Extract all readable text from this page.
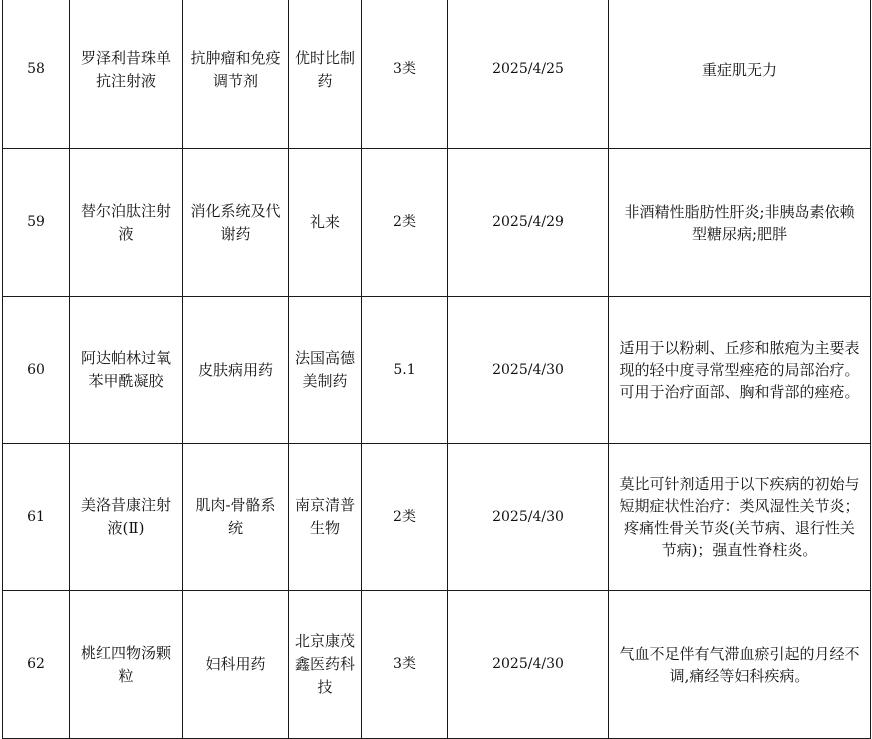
58	罗泽利昔珠单抗注射液	抗肿瘤和免疫调节剂	优时比制药	3类	2025/4/25	重症肌无力
59	替尔泊肽注射液	消化系统及代谢药	礼来	2类	2025/4/29	非酒精性脂肪性肝炎;非胰岛素依赖型糖尿病;肥胖
60	阿达帕林过氧苯甲酰凝胶	皮肤病用药	法国高德美制药	5.1	2025/4/30	适用于以粉刺、丘疹和脓疱为主要表现的轻中度寻常型痤疮的局部治疗。可用于治疗面部、胸和背部的痤疮。
61	美洛昔康注射液(Ⅱ)	肌肉-骨骼系统	南京清普生物	2类	2025/4/30	莫比可针剂适用于以下疾病的初始与短期症状性治疗：类风湿性关节炎；疼痛性骨关节炎(关节病、退行性关节病)；强直性脊柱炎。
62	桃红四物汤颗粒	妇科用药	北京康茂鑫医药科技	3类	2025/4/30	气血不足伴有气滞血瘀引起的月经不调,痛经等妇科疾病。
